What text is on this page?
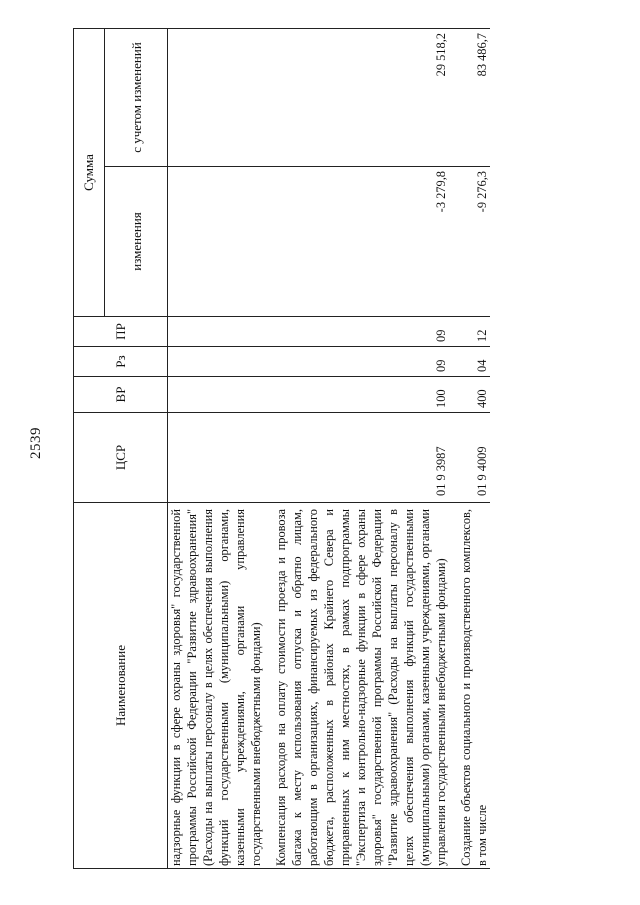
2539
Наименование	ЦСР	ВР	Рз	ПР	Сумма	
					изменения	с учетом изменений
надзорные функции в сфере охраны здоровья" государственной программы Российской Федерации "Развитие здравоохранения" (Расходы на выплаты персоналу в целях обеспечения выполнения функций государственными (муниципальными) органами, казенными учреждениями, органами управления государственными внебюджетными фондами)						
Компенсация расходов на оплату стоимости проезда и провоза багажа к месту использования отпуска и обратно лицам, работающим в организациях, финансируемых из федерального бюджета, расположенных в районах Крайнего Севера и приравненных к ним местностях, в рамках подпрограммы "Экспертиза и контрольно-надзорные функции в сфере охраны здоровья" государственной программы Российской Федерации "Развитие здравоохранения" (Расходы на выплаты персоналу в целях обеспечения выполнения функций государственными (муниципальными) органами, казенными учреждениями, органами управления государственными внебюджетными фондами)	01 9 3987	100	09	09	-3 279,8	29 518,2
Создание объектов социального и производственного комплексов, в том числе	01 9 4009	400	04	12	-9 276,3	83 486,7
